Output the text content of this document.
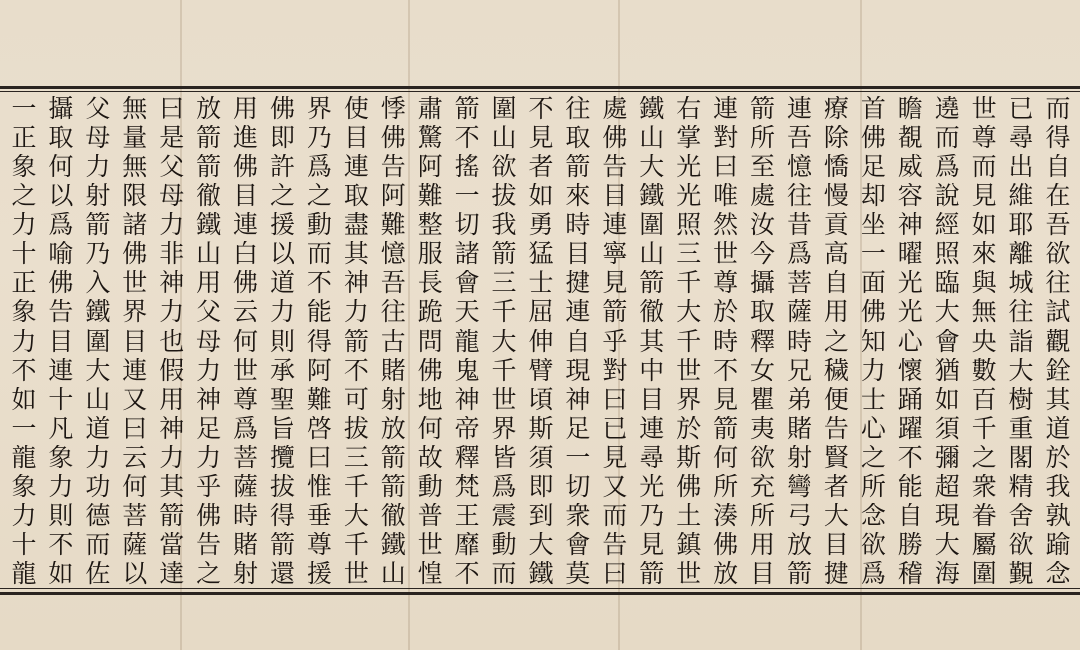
而
得
自
在
吾
欲
往
試
觀
銓
其
道
於
我
孰
踰
念
已
尋
出
維
耶
離
城
往
詣
大
樹
重
閣
精
舍
欲
覲
世
尊
而
見
如
來
與
無
央
數
百
千
之
衆
眷
屬
圍
遶
而
爲
說
經
照
臨
大
會
猶
如
須
彌
超
現
大
海
瞻
覩
威
容
神
曜
光
光
心
懷
踊
躍
不
能
自
勝
稽
首
佛
足
却
坐
一
面
佛
知
力
士
心
之
所
念
欲
爲
療
除
憍
慢
貢
高
自
用
之
穢
便
告
賢
者
大
目
揵
連
吾
憶
往
昔
爲
菩
薩
時
兄
弟
賭
射
彎
弓
放
箭
箭
所
至
處
汝
今
攝
取
釋
女
瞿
夷
欲
充
所
用
目
連
對
曰
唯
然
世
尊
於
時
不
見
箭
何
所
湊
佛
放
右
掌
光
光
照
三
千
大
千
世
界
於
斯
佛
土
鎮
世
鐵
山
大
鐵
圍
山
箭
徹
其
中
目
連
尋
光
乃
見
箭
處
佛
告
目
連
寧
見
箭
乎
對
曰
已
見
又
而
告
曰
往
取
箭
來
時
目
揵
連
自
現
神
足
一
切
衆
會
莫
不
見
者
如
勇
猛
士
屈
伸
臂
頃
斯
須
即
到
大
鐵
圍
山
欲
拔
我
箭
三
千
大
千
世
界
皆
爲
震
動
而
箭
不
搖
一
切
諸
會
天
龍
鬼
神
帝
釋
梵
王
靡
不
肅
驚
阿
難
整
服
長
跪
問
佛
地
何
故
動
普
世
惶
悸
佛
告
阿
難
憶
吾
往
古
賭
射
放
箭
箭
徹
鐵
山
使
目
連
取
盡
其
神
力
箭
不
可
拔
三
千
大
千
世
界
乃
爲
之
動
而
不
能
得
阿
難
啓
曰
惟
垂
尊
援
佛
即
許
之
援
以
道
力
則
承
聖
旨
攬
拔
得
箭
還
用
進
佛
目
連
白
佛
云
何
世
尊
爲
菩
薩
時
賭
射
放
箭
箭
徹
鐵
山
用
父
母
力
神
足
力
乎
佛
告
之
曰
是
父
母
力
非
神
力
也
假
用
神
力
其
箭
當
達
無
量
無
限
諸
佛
世
界
目
連
又
曰
云
何
菩
薩
以
父
母
力
射
箭
乃
入
鐵
圍
大
山
道
力
功
德
而
佐
攝
取
何
以
爲
喻
佛
告
目
連
十
凡
象
力
則
不
如
一
正
象
之
力
十
正
象
力
不
如
一
龍
象
力
十
龍
